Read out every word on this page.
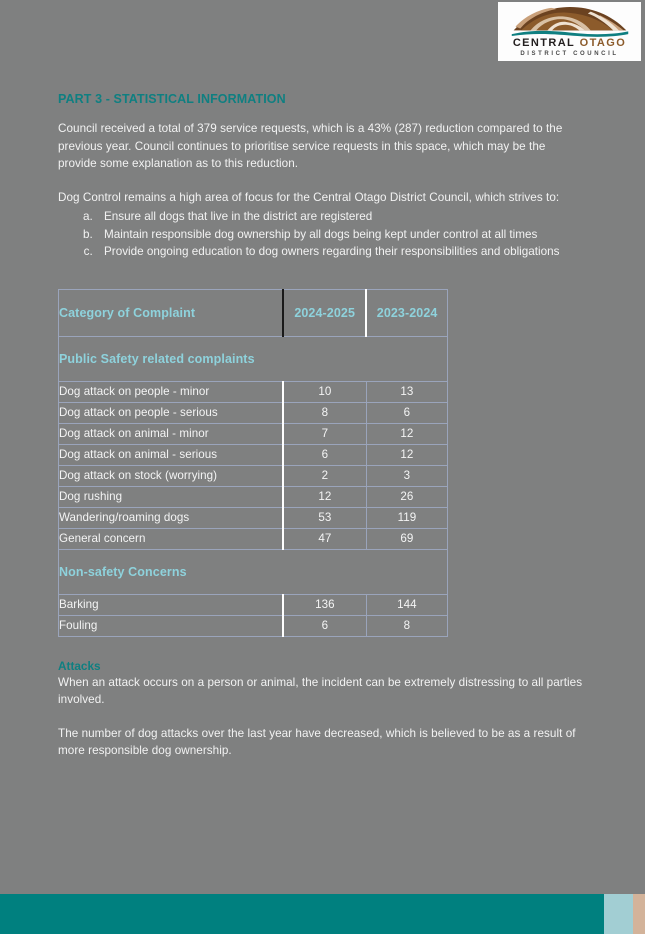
CENTRAL OTAGO
DISTRICT COUNCIL
PART 3 - STATISTICAL INFORMATION

Council received a total of 379 service requests, which is a 43% (287) reduction compared to the previous year. Council continues to prioritise service requests in this space, which may be the provide some explanation as to this reduction.

Dog Control remains a high area of focus for the Central Otago District Council, which strives to:

a. Ensure all dogs that live in the district are registered
b. Maintain responsible dog ownership by all dogs being kept under control at all times
c. Provide ongoing education to dog owners regarding their responsibilities and obligations
Category of Complaint	2024-2025	2023-2024
Public Safety related complaints		
Dog attack on people - minor	10	13
Dog attack on people - serious	8	6
Dog attack on animal - minor	7	12
Dog attack on animal - serious	6	12
Dog attack on stock (worrying)	2	3
Dog rushing	12	26
Wandering/roaming dogs	53	119
General concern	47	69
Non-safety Concerns		
Barking	136	144
Fouling	6	8
Attacks

When an attack occurs on a person or animal, the incident can be extremely distressing to all parties involved.

The number of dog attacks over the last year have decreased, which is believed to be as a result of more responsible dog ownership.
